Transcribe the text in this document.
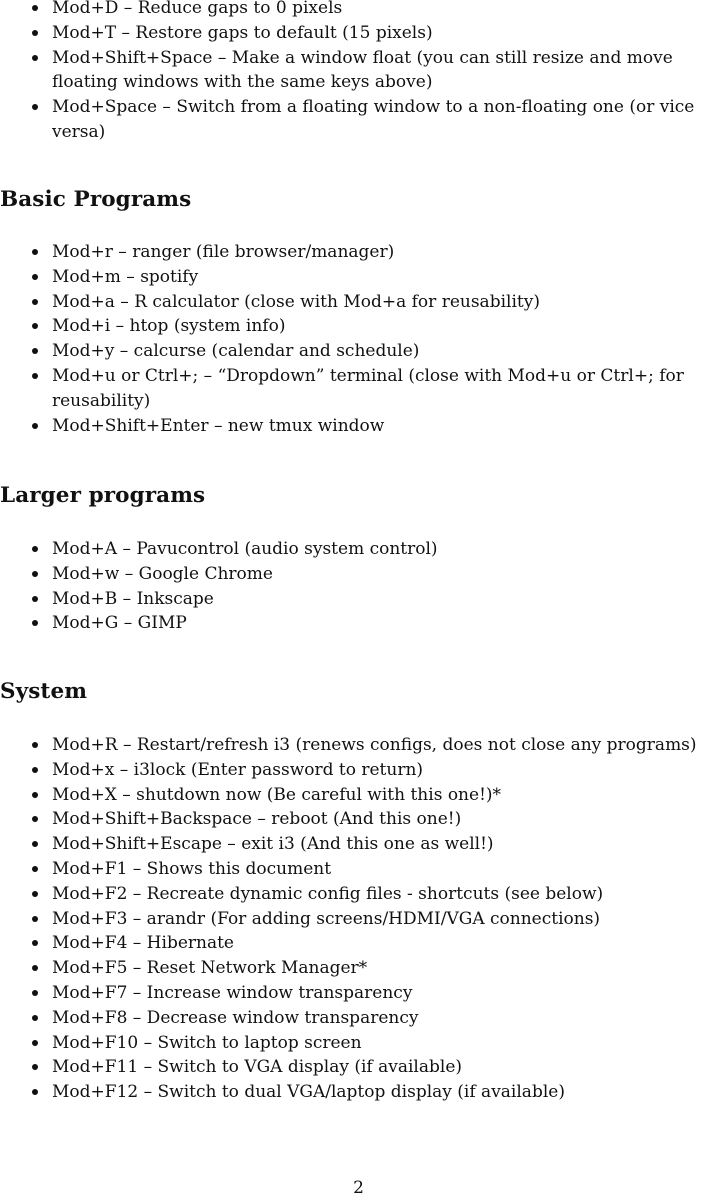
Mod+D – Reduce gaps to 0 pixels
Mod+T – Restore gaps to default (15 pixels)
Mod+Shift+Space – Make a window float (you can still resize and move floating windows with the same keys above)
Mod+Space – Switch from a floating window to a non-floating one (or vice versa)
Basic Programs
Mod+r – ranger (file browser/manager)
Mod+m – spotify
Mod+a – R calculator (close with Mod+a for reusability)
Mod+i – htop (system info)
Mod+y – calcurse (calendar and schedule)
Mod+u or Ctrl+; – “Dropdown” terminal (close with Mod+u or Ctrl+; for reusability)
Mod+Shift+Enter – new tmux window
Larger programs
Mod+A – Pavucontrol (audio system control)
Mod+w – Google Chrome
Mod+B – Inkscape
Mod+G – GIMP
System
Mod+R – Restart/refresh i3 (renews configs, does not close any programs)
Mod+x – i3lock (Enter password to return)
Mod+X – shutdown now (Be careful with this one!)*
Mod+Shift+Backspace – reboot (And this one!)
Mod+Shift+Escape – exit i3 (And this one as well!)
Mod+F1 – Shows this document
Mod+F2 – Recreate dynamic config files - shortcuts (see below)
Mod+F3 – arandr (For adding screens/HDMI/VGA connections)
Mod+F4 – Hibernate
Mod+F5 – Reset Network Manager*
Mod+F7 – Increase window transparency
Mod+F8 – Decrease window transparency
Mod+F10 – Switch to laptop screen
Mod+F11 – Switch to VGA display (if available)
Mod+F12 – Switch to dual VGA/laptop display (if available)
2
